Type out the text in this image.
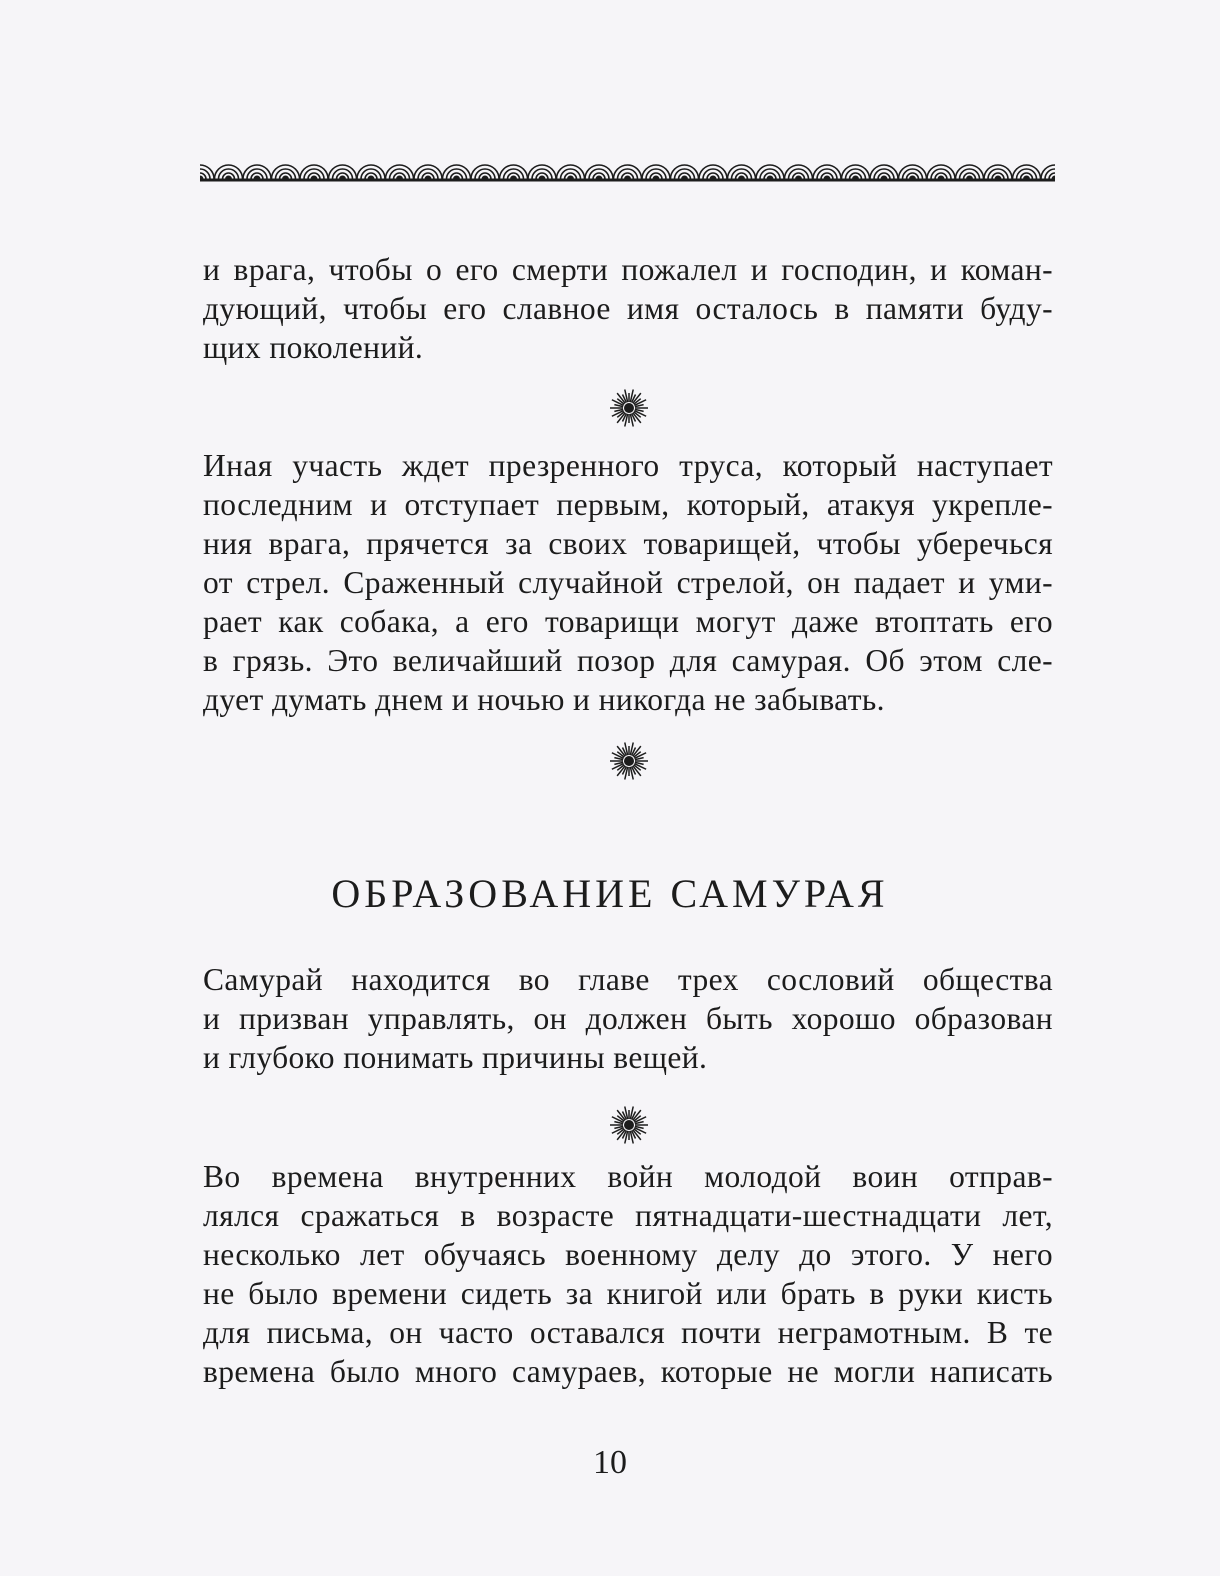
и врага, чтобы о его смерти пожалел и господин, и коман-
дующий, чтобы его славное имя осталось в памяти буду-
щих поколений.
Иная участь ждет презренного труса, который наступает
последним и отступает первым, который, атакуя укрепле-
ния врага, прячется за своих товарищей, чтобы уберечься
от стрел. Сраженный случайной стрелой, он падает и уми-
рает как собака, а его товарищи могут даже втоптать его
в грязь. Это величайший позор для самурая. Об этом сле-
дует думать днем и ночью и никогда не забывать.
ОБРАЗОВАНИЕ САМУРАЯ
Самурай находится во главе трех сословий общества
и призван управлять, он должен быть хорошо образован
и глубоко понимать причины вещей.
Во времена внутренних войн молодой воин отправ-
лялся сражаться в возрасте пятнадцати-шестнадцати лет,
несколько лет обучаясь военному делу до этого. У него
не было времени сидеть за книгой или брать в руки кисть
для письма, он часто оставался почти неграмотным. В те
времена было много самураев, которые не могли написать
10
